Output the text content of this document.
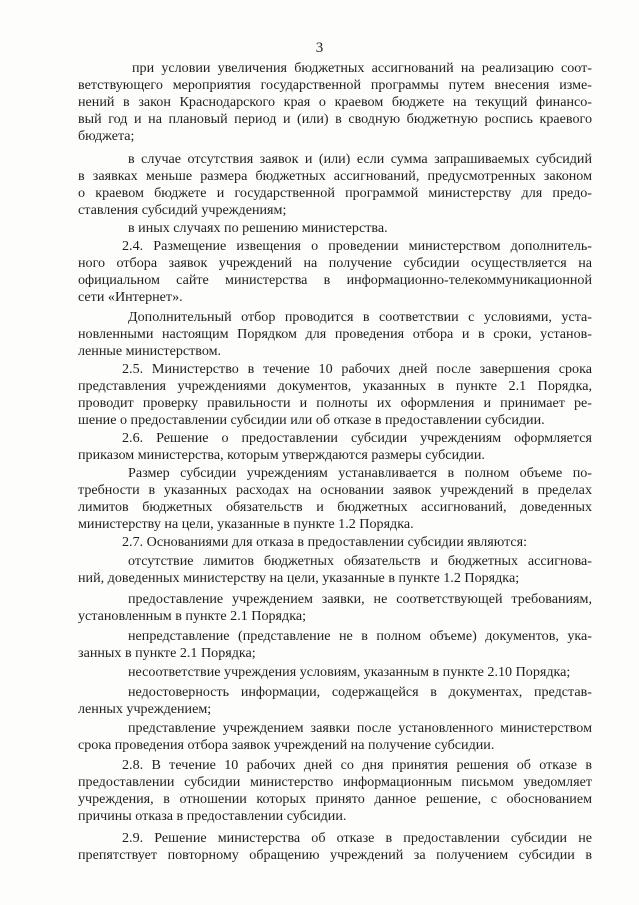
3
при условии увеличения бюджетных ассигнований на реализацию соот-
ветствующего мероприятия государственной программы путем внесения изме-
нений в закон Краснодарского края о краевом бюджете на текущий финансо-
вый год и на плановый период и (или) в сводную бюджетную роспись краевого
бюджета;
в случае отсутствия заявок и (или) если сумма запрашиваемых субсидий
в заявках меньше размера бюджетных ассигнований, предусмотренных законом
о краевом бюджете и государственной программой министерству для предо-
ставления субсидий учреждениям;
в иных случаях по решению министерства.
2.4. Размещение извещения о проведении министерством дополнитель-
ного отбора заявок учреждений на получение субсидии осуществляется на
официальном сайте министерства в информационно-телекоммуникационной
сети «Интернет».
Дополнительный отбор проводится в соответствии с условиями, уста-
новленными настоящим Порядком для проведения отбора и в сроки, установ-
ленные министерством.
2.5. Министерство в течение 10 рабочих дней после завершения срока
представления учреждениями документов, указанных в пункте 2.1 Порядка,
проводит проверку правильности и полноты их оформления и принимает ре-
шение о предоставлении субсидии или об отказе в предоставлении субсидии.
2.6. Решение о предоставлении субсидии учреждениям оформляется
приказом министерства, которым утверждаются размеры субсидии.
Размер субсидии учреждениям устанавливается в полном объеме по-
требности в указанных расходах на основании заявок учреждений в пределах
лимитов бюджетных обязательств и бюджетных ассигнований, доведенных
министерству на цели, указанные в пункте 1.2 Порядка.
2.7. Основаниями для отказа в предоставлении субсидии являются:
отсутствие лимитов бюджетных обязательств и бюджетных ассигнова-
ний, доведенных министерству на цели, указанные в пункте 1.2 Порядка;
предоставление учреждением заявки, не соответствующей требованиям,
установленным в пункте 2.1 Порядка;
непредставление (представление не в полном объеме) документов, ука-
занных в пункте 2.1 Порядка;
несоответствие учреждения условиям, указанным в пункте 2.10 Порядка;
недостоверность информации, содержащейся в документах, представ-
ленных учреждением;
представление учреждением заявки после установленного министерством
срока проведения отбора заявок учреждений на получение субсидии.
2.8. В течение 10 рабочих дней со дня принятия решения об отказе в
предоставлении субсидии министерство информационным письмом уведомляет
учреждения, в отношении которых принято данное решение, с обоснованием
причины отказа в предоставлении субсидии.
2.9. Решение министерства об отказе в предоставлении субсидии не
препятствует повторному обращению учреждений за получением субсидии в
